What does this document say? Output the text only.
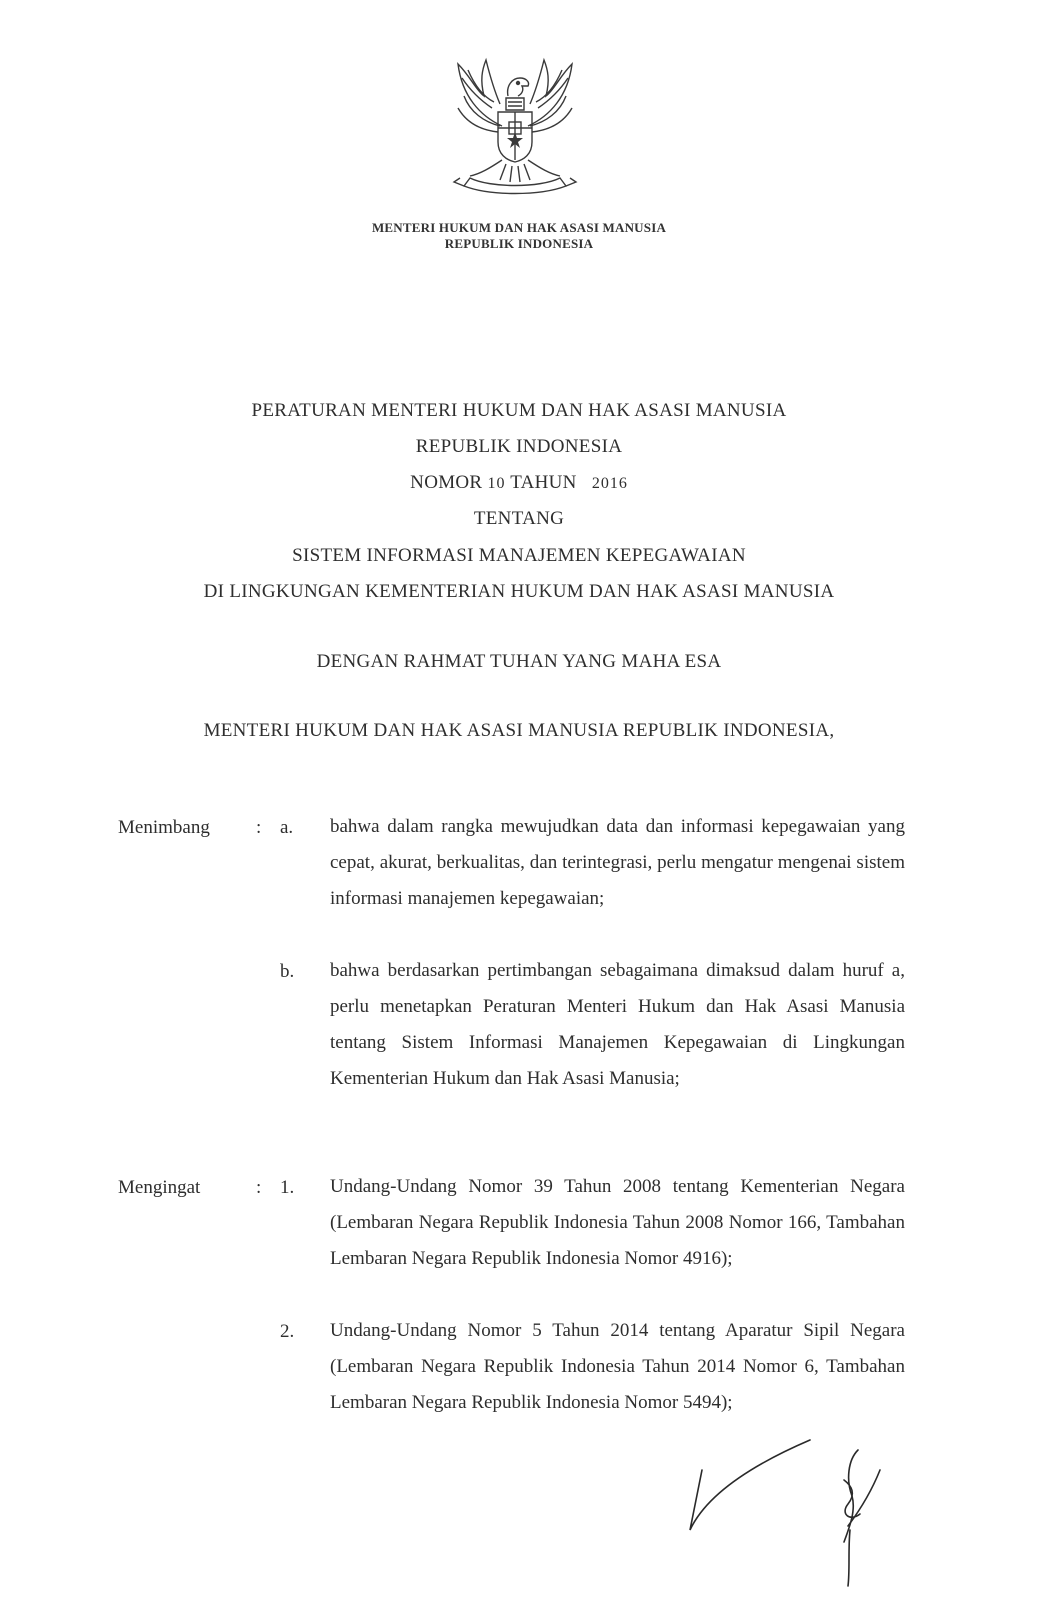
MENTERI HUKUM DAN HAK ASASI MANUSIA
REPUBLIK INDONESIA
PERATURAN MENTERI HUKUM DAN HAK ASASI MANUSIA
REPUBLIK INDONESIA
NOMOR 10 TAHUN 2016
TENTANG
SISTEM INFORMASI MANAJEMEN KEPEGAWAIAN
DI LINGKUNGAN KEMENTERIAN HUKUM DAN HAK ASASI MANUSIA
DENGAN RAHMAT TUHAN YANG MAHA ESA
MENTERI HUKUM DAN HAK ASASI MANUSIA REPUBLIK INDONESIA,
Menimbang : a. bahwa dalam rangka mewujudkan data dan informasi kepegawaian yang cepat, akurat, berkualitas, dan terintegrasi, perlu mengatur mengenai sistem informasi manajemen kepegawaian;
b. bahwa berdasarkan pertimbangan sebagaimana dimaksud dalam huruf a, perlu menetapkan Peraturan Menteri Hukum dan Hak Asasi Manusia tentang Sistem Informasi Manajemen Kepegawaian di Lingkungan Kementerian Hukum dan Hak Asasi Manusia;
Mengingat	: 1. Undang-Undang Nomor 39 Tahun 2008 tentang Kementerian Negara (Lembaran Negara Republik Indonesia Tahun 2008 Nomor 166, Tambahan Lembaran Negara Republik Indonesia Nomor 4916);
2. Undang-Undang Nomor 5 Tahun 2014 tentang Aparatur Sipil Negara (Lembaran Negara Republik Indonesia Tahun 2014 Nomor 6, Tambahan Lembaran Negara Republik Indonesia Nomor 5494);
